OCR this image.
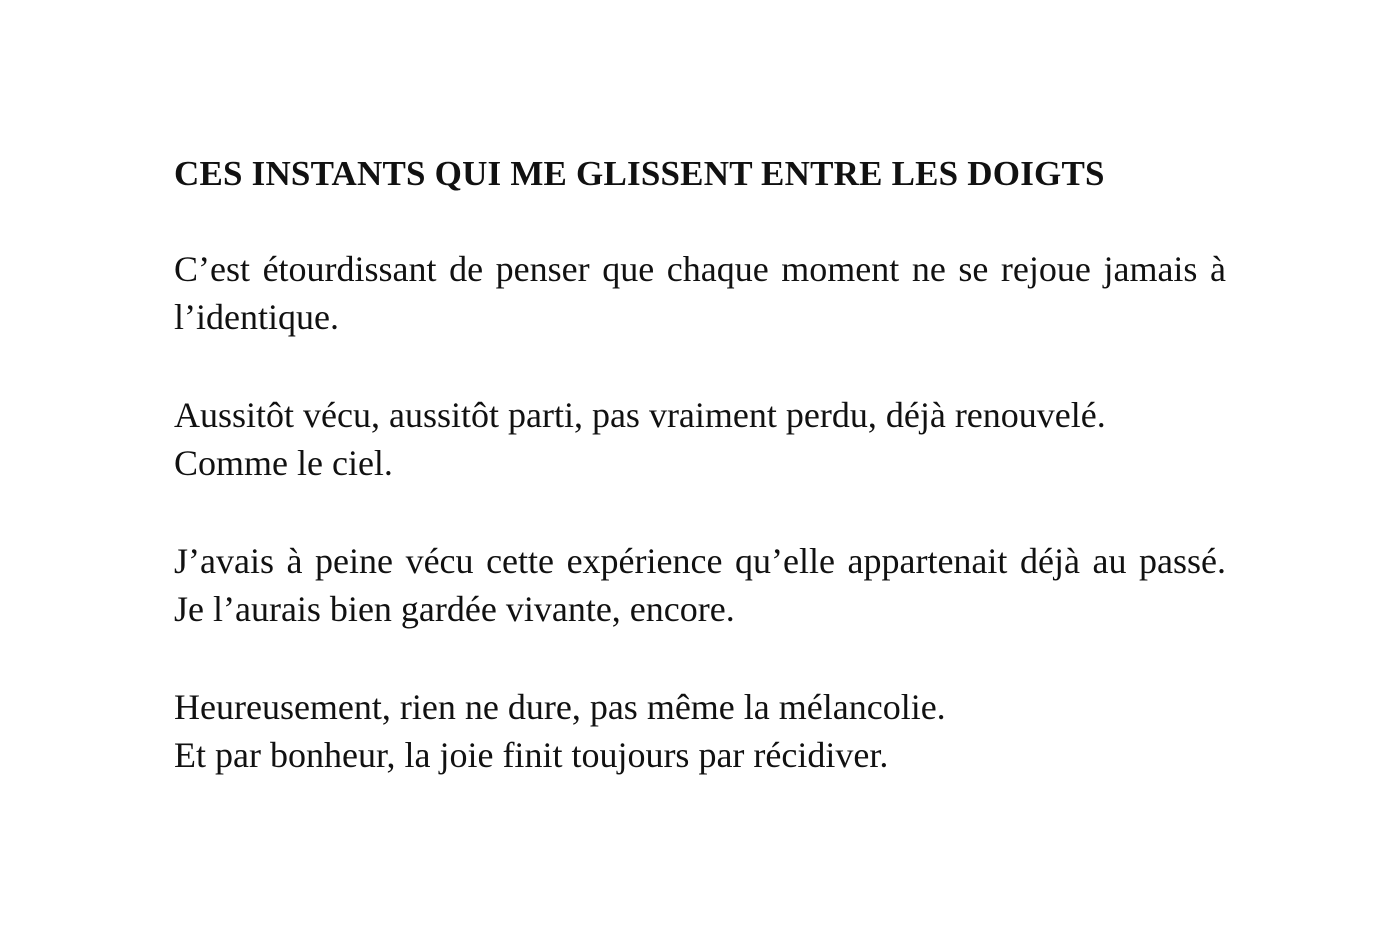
CES INSTANTS QUI ME GLISSENT ENTRE LES DOIGTS

C’est étourdissant de penser que chaque moment ne se rejoue jamais à l’identique.

Aussitôt vécu, aussitôt parti, pas vraiment perdu, déjà renouvelé.
Comme le ciel.

J’avais à peine vécu cette expérience qu’elle appartenait déjà au passé. Je l’aurais bien gardée vivante, encore.

Heureusement, rien ne dure, pas même la mélancolie.
Et par bonheur, la joie finit toujours par récidiver.
